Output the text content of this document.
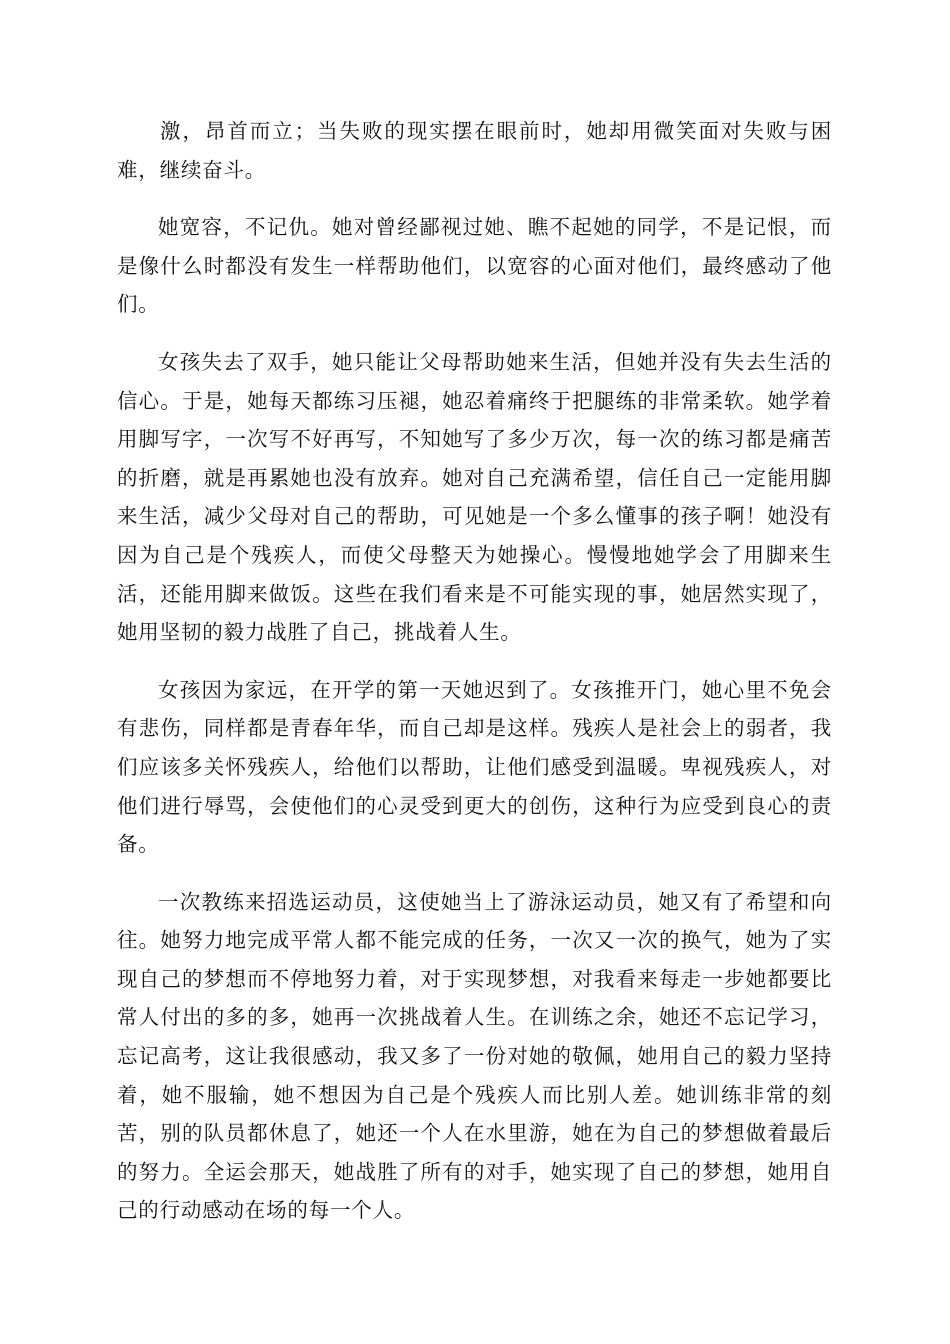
激，昂首而立；当失败的现实摆在眼前时，她却用微笑面对失败与困难，继续奋斗。

她宽容，不记仇。她对曾经鄙视过她、瞧不起她的同学，不是记恨，而是像什么时都没有发生一样帮助他们，以宽容的心面对他们，最终感动了他们。

女孩失去了双手，她只能让父母帮助她来生活，但她并没有失去生活的信心。于是，她每天都练习压褪，她忍着痛终于把腿练的非常柔软。她学着用脚写字，一次写不好再写，不知她写了多少万次，每一次的练习都是痛苦的折磨，就是再累她也没有放弃。她对自己充满希望，信任自己一定能用脚来生活，减少父母对自己的帮助，可见她是一个多么懂事的孩子啊！她没有因为自己是个残疾人，而使父母整天为她操心。慢慢地她学会了用脚来生活，还能用脚来做饭。这些在我们看来是不可能实现的事，她居然实现了，她用坚韧的毅力战胜了自己，挑战着人生。

女孩因为家远，在开学的第一天她迟到了。女孩推开门，她心里不免会有悲伤，同样都是青春年华，而自己却是这样。残疾人是社会上的弱者，我们应该多关怀残疾人，给他们以帮助，让他们感受到温暖。卑视残疾人，对他们进行辱骂，会使他们的心灵受到更大的创伤，这种行为应受到良心的责备。

一次教练来招选运动员，这使她当上了游泳运动员，她又有了希望和向往。她努力地完成平常人都不能完成的任务，一次又一次的换气，她为了实现自己的梦想而不停地努力着，对于实现梦想，对我看来每走一步她都要比常人付出的多的多，她再一次挑战着人生。在训练之余，她还不忘记学习，忘记高考，这让我很感动，我又多了一份对她的敬佩，她用自己的毅力坚持着，她不服输，她不想因为自己是个残疾人而比别人差。她训练非常的刻苦，别的队员都休息了，她还一个人在水里游，她在为自己的梦想做着最后的努力。全运会那天，她战胜了所有的对手，她实现了自己的梦想，她用自己的行动感动在场的每一个人。
